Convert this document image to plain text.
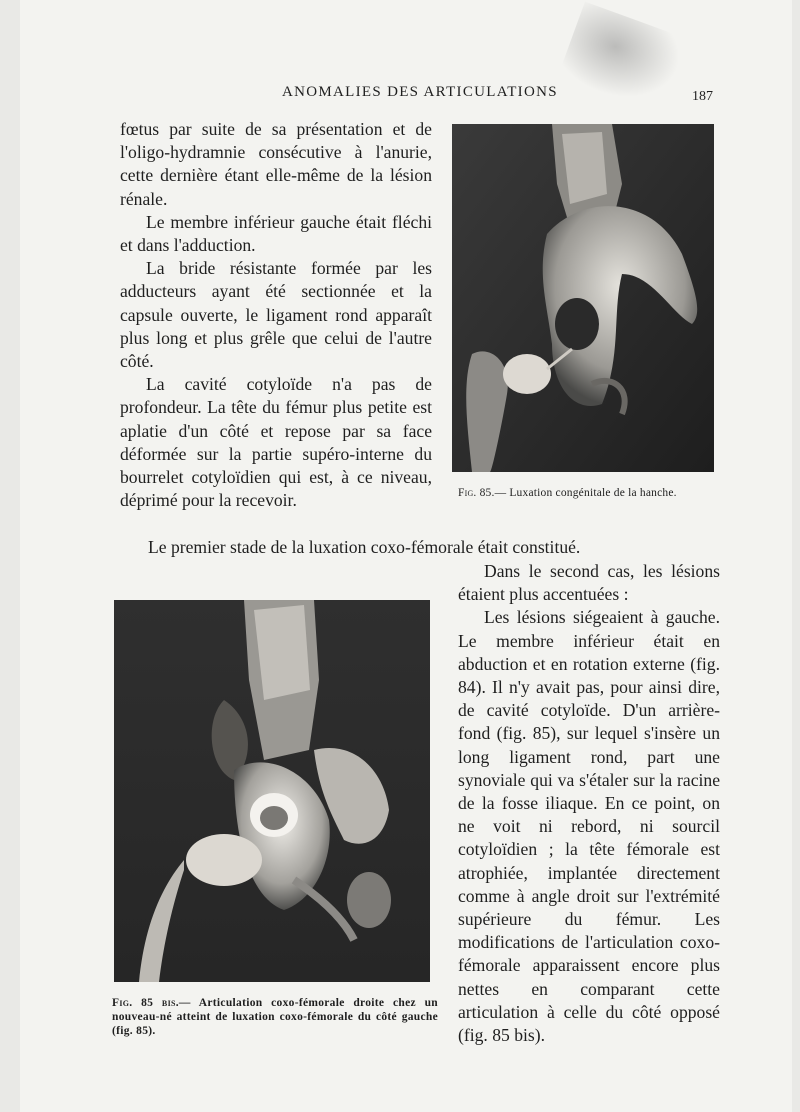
ANOMALIES DES ARTICULATIONS	187

fœtus par suite de sa présentation et de l'oligo-hydramnie consécutive à l'anurie, cette dernière étant elle-même de la lésion rénale.

Le membre inférieur gauche était fléchi et dans l'adduction.

La bride résistante formée par les adducteurs ayant été sectionnée et la capsule ouverte, le ligament rond apparaît plus long et plus grêle que celui de l'autre côté.

La cavité cotyloïde n'a pas de profondeur. La tête du fémur plus petite est aplatie d'un côté et repose par sa face déformée sur la partie supéro-interne du bourrelet cotyloïdien qui est, à ce niveau, déprimé pour la recevoir.	Fig. 85.— Luxation congénitale de la hanche.
Le premier stade de la luxation coxo-fémorale était constitué.

Dans le second cas, les lésions étaient plus accentuées :

Les lésions siégeaient à gauche. Le membre inférieur était en abduction et en rotation externe (fig. 84). Il n'y avait pas, pour ainsi dire, de cavité cotyloïde. D'un arrière-fond (fig. 85), sur lequel s'insère un long ligament rond, part une synoviale qui va s'étaler sur la racine de la fosse iliaque. En ce point, on ne voit ni rebord, ni sourcil cotyloïdien ; la tête fémorale est atrophiée, implantée directement comme à angle droit sur l'extrémité supérieure du fémur. Les modifications de l'articulation coxo-fémorale apparaissent encore plus nettes en comparant cette articulation à celle du côté opposé (fig. 85 bis).

Fig. 85 bis.— Articulation coxo-fémorale droite chez un nouveau-né atteint de luxation coxo-fémorale du côté gauche (fig. 85).
